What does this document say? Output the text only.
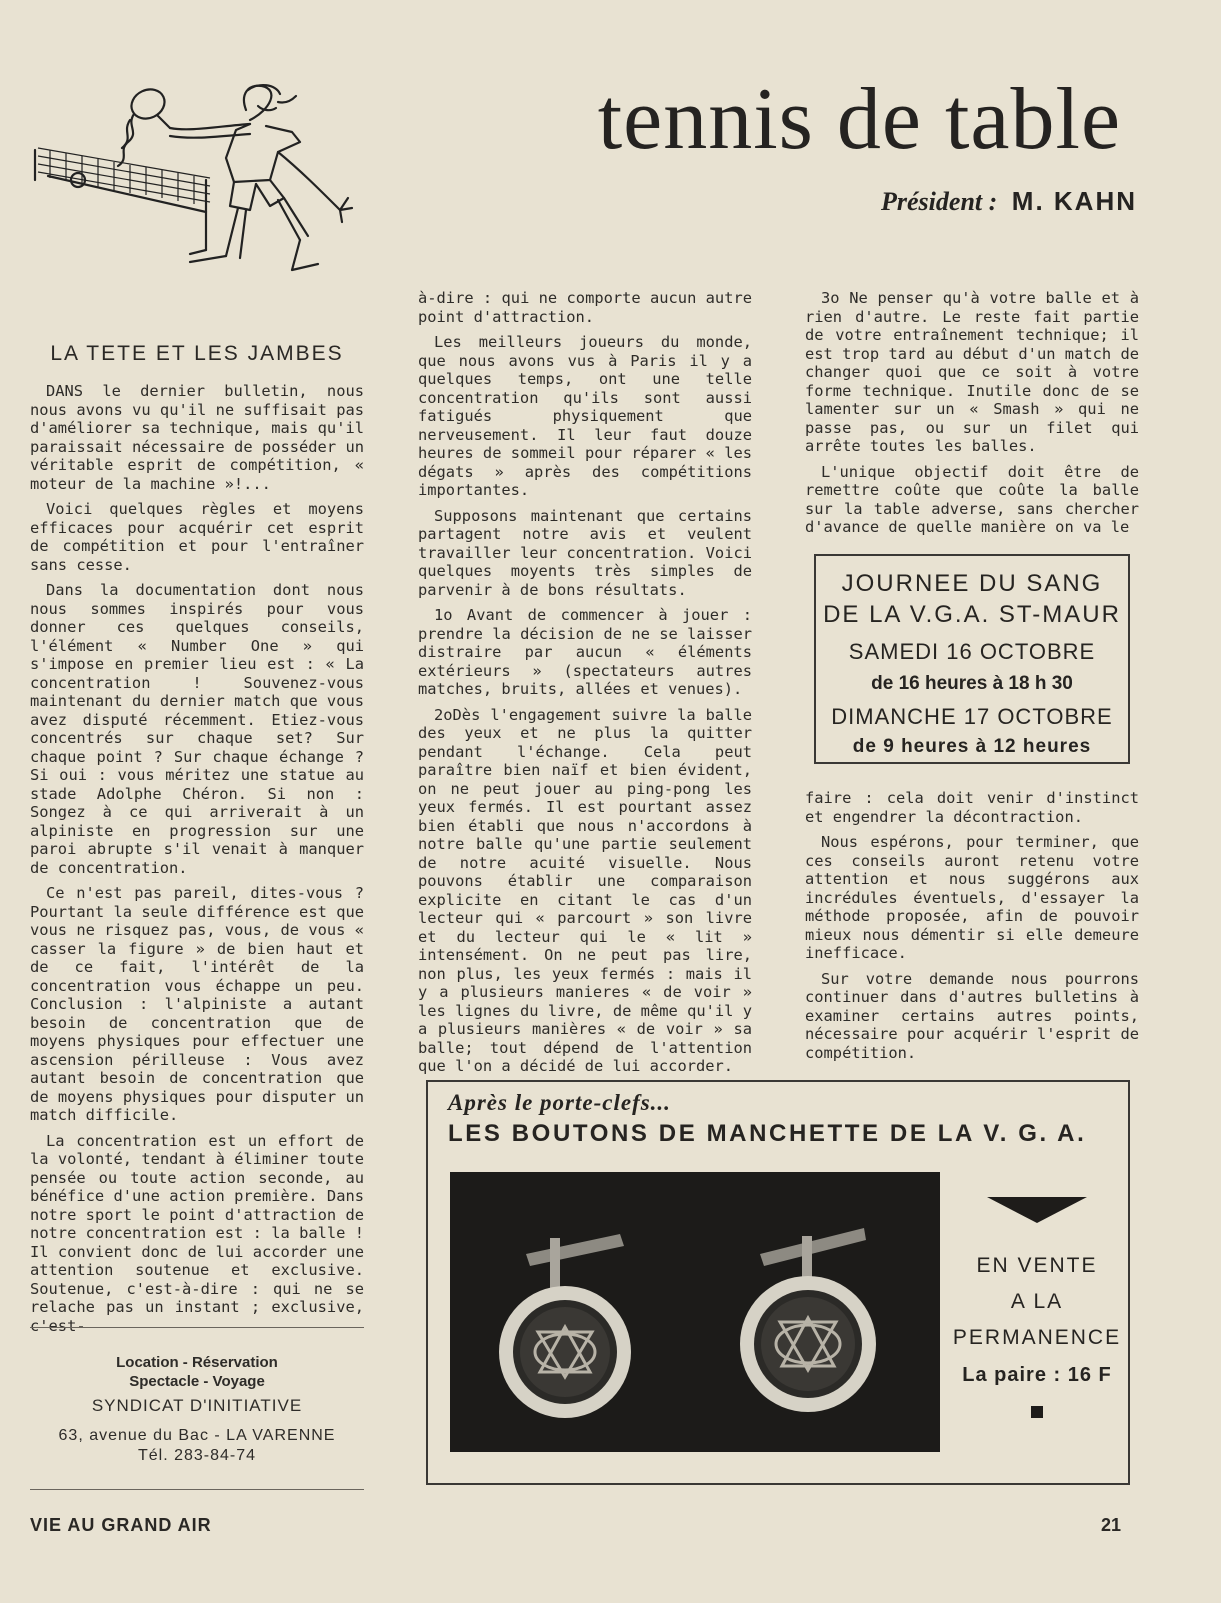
tennis de table
Président : M. KAHN
LA TETE ET LES JAMBES

DANS le dernier bulletin, nous nous avons vu qu'il ne suffisait pas d'améliorer sa technique, mais qu'il paraissait nécessaire de posséder un véritable esprit de compétition, « moteur de la machine »!...

Voici quelques règles et moyens efficaces pour acquérir cet esprit de compétition et pour l'entraîner sans cesse.

Dans la documentation dont nous nous sommes inspirés pour vous donner ces quelques conseils, l'élément « Number One » qui s'impose en premier lieu est : « La concentration ! Souvenez-vous maintenant du dernier match que vous avez disputé récemment. Etiez-vous concentrés sur chaque set? Sur chaque point ? Sur chaque échange ? Si oui : vous méritez une statue au stade Adolphe Chéron. Si non : Songez à ce qui arriverait à un alpiniste en progression sur une paroi abrupte s'il venait à manquer de concentration.

Ce n'est pas pareil, dites-vous ? Pourtant la seule différence est que vous ne risquez pas, vous, de vous « casser la figure » de bien haut et de ce fait, l'intérêt de la concentration vous échappe un peu. Conclusion : l'alpiniste a autant besoin de concentration que de moyens physiques pour effectuer une ascension périlleuse : Vous avez autant besoin de concentration que de moyens physiques pour disputer un match difficile.

La concentration est un effort de la volonté, tendant à éliminer toute pensée ou toute action seconde, au bénéfice d'une action première. Dans notre sport le point d'attraction de notre concentration est : la balle ! Il convient donc de lui accorder une attention soutenue et exclusive. Soutenue, c'est-à-dire : qui ne se relache pas un instant ; exclusive, c'est-

à-dire : qui ne comporte aucun autre point d'attraction.

Les meilleurs joueurs du monde, que nous avons vus à Paris il y a quelques temps, ont une telle concentration qu'ils sont aussi fatigués physiquement que nerveusement. Il leur faut douze heures de sommeil pour réparer « les dégats » après des compétitions importantes.

Supposons maintenant que certains partagent notre avis et veulent travailler leur concentration. Voici quelques moyents très simples de parvenir à de bons résultats.

1o Avant de commencer à jouer : prendre la décision de ne se laisser distraire par aucun « éléments extérieurs » (spectateurs autres matches, bruits, allées et venues).

2oDès l'engagement suivre la balle des yeux et ne plus la quitter pendant l'échange. Cela peut paraître bien naïf et bien évident, on ne peut jouer au ping-pong les yeux fermés. Il est pourtant assez bien établi que nous n'accordons à notre balle qu'une partie seulement de notre acuité visuelle. Nous pouvons établir une comparaison explicite en citant le cas d'un lecteur qui « parcourt » son livre et du lecteur qui le « lit » intensément. On ne peut pas lire, non plus, les yeux fermés : mais il y a plusieurs manieres « de voir » les lignes du livre, de même qu'il y a plusieurs manières « de voir » sa balle; tout dépend de l'attention que l'on a décidé de lui accorder.

3o Ne penser qu'à votre balle et à rien d'autre. Le reste fait partie de votre entraînement technique; il est trop tard au début d'un match de changer quoi que ce soit à votre forme technique. Inutile donc de se lamenter sur un « Smash » qui ne passe pas, ou sur un filet qui arrête toutes les balles.

L'unique objectif doit être de remettre coûte que coûte la balle sur la table adverse, sans chercher d'avance de quelle manière on va le

JOURNEE DU SANG
DE LA V.G.A. ST-MAUR
SAMEDI 16 OCTOBRE
de 16 heures à 18 h 30
DIMANCHE 17 OCTOBRE
de 9 heures à 12 heures

faire : cela doit venir d'instinct et engendrer la décontraction.

Nous espérons, pour terminer, que ces conseils auront retenu votre attention et nous suggérons aux incrédules éventuels, d'essayer la méthode proposée, afin de pouvoir mieux nous démentir si elle demeure inefficace.

Sur votre demande nous pourrons continuer dans d'autres bulletins à examiner certains autres points, nécessaire pour acquérir l'esprit de compétition.

Location - Réservation
Spectacle - Voyage
SYNDICAT D'INITIATIVE
63, avenue du Bac - LA VARENNE
Tél. 283-84-74
Après le porte-clefs...
LES BOUTONS DE MANCHETTE DE LA V. G. A.
EN VENTE
A LA
PERMANENCE
La paire : 16 F
VIE AU GRAND AIR	21
